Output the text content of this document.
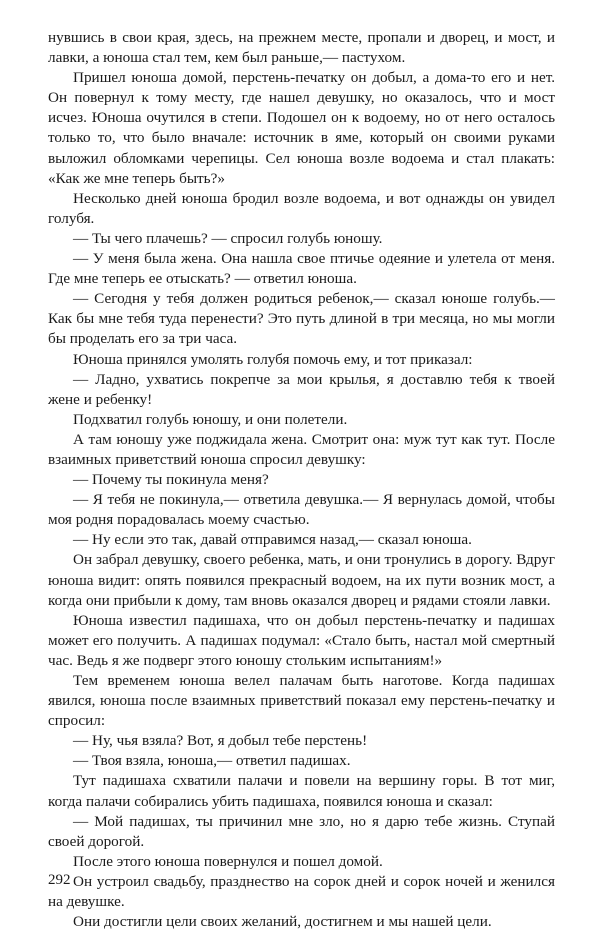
нувшись в свои края, здесь, на прежнем месте, пропали и дворец, и мост, и лавки, а юноша стал тем, кем был раньше,— пастухом.

Пришел юноша домой, перстень-печатку он добыл, а дома-то его и нет. Он повернул к тому месту, где нашел девушку, но оказалось, что и мост исчез. Юноша очутился в степи. Подошел он к водоему, но от него осталось только то, что было вначале: источник в яме, который он своими руками выложил обломками черепицы. Сел юноша возле водоема и стал плакать: «Как же мне теперь быть?»

Несколько дней юноша бродил возле водоема, и вот однажды он увидел голубя.

— Ты чего плачешь? — спросил голубь юношу.

— У меня была жена. Она нашла свое птичье одеяние и улетела от меня. Где мне теперь ее отыскать? — ответил юноша.

— Сегодня у тебя должен родиться ребенок,— сказал юноше голубь.— Как бы мне тебя туда перенести? Это путь длиной в три месяца, но мы могли бы проделать его за три часа.

Юноша принялся умолять голубя помочь ему, и тот приказал:

— Ладно, ухватись покрепче за мои крылья, я доставлю тебя к твоей жене и ребенку!

Подхватил голубь юношу, и они полетели.

А там юношу уже поджидала жена. Смотрит она: муж тут как тут. После взаимных приветствий юноша спросил девушку:

— Почему ты покинула меня?

— Я тебя не покинула,— ответила девушка.— Я вернулась домой, чтобы моя родня порадовалась моему счастью.

— Ну если это так, давай отправимся назад,— сказал юноша.

Он забрал девушку, своего ребенка, мать, и они тронулись в дорогу. Вдруг юноша видит: опять появился прекрасный водоем, на их пути возник мост, а когда они прибыли к дому, там вновь оказался дворец и рядами стояли лавки.

Юноша известил падишаха, что он добыл перстень-печатку и падишах может его получить. А падишах подумал: «Стало быть, настал мой смертный час. Ведь я же подверг этого юношу стольким испытаниям!»

Тем временем юноша велел палачам быть наготове. Когда падишах явился, юноша после взаимных приветствий показал ему перстень-печатку и спросил:

— Ну, чья взяла? Вот, я добыл тебе перстень!

— Твоя взяла, юноша,— ответил падишах.

Тут падишаха схватили палачи и повели на вершину горы. В тот миг, когда палачи собирались убить падишаха, появился юноша и сказал:

— Мой падишах, ты причинил мне зло, но я дарю тебе жизнь. Ступай своей дорогой.

После этого юноша повернулся и пошел домой.

Он устроил свадьбу, празднество на сорок дней и сорок ночей и женился на девушке.

Они достигли цели своих желаний, достигнем и мы нашей цели.

292
